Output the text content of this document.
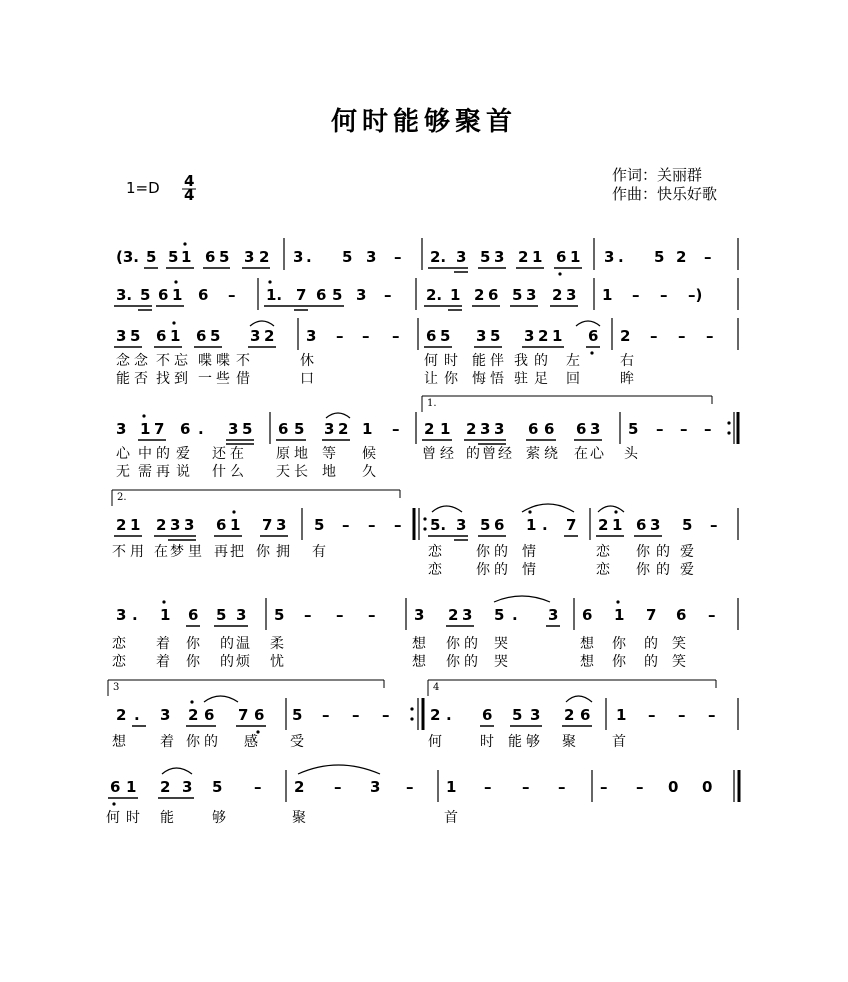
何时能够聚首
1=D 4
4
作词：关丽群
作曲：快乐好歌
(3. 5 5 1 6 5 3 2 3 . 5 3 – 2. 3 5 3 2 1 6 1 3 . 5 2 –
3. 5 6 1 6 – 1. 7 6 5 3 – 2. 1 2 6 5 3 2 3 1 – – –)
3 5 6 1 6 5 3 2 3 – – – 6 5 3 5 3 2 1 6 2 – – –
念 念 不 忘 喋 喋 不	休	何 时 能 伴 我 的 左	右
能 否 找 到 一 些 借	口	让 你 悔 悟 驻 足 回	眸
1.
3 1 7 6 . 3 5 6 5 3 2 1 – 2 1 2 3 3 6 6 6 3 5 – – –
心 中 的 爱 还 在 原 地 等 候	曾 经 的 曾 经 萦 绕 在 心 头
无 需 再 说 什 么 天 长 地 久
2.
2 1 2 3 3 6 1 7 3 5 – – – 5. 3 5 6 1 . 7 2 1 6 3 5 –
不 用 在 梦 里 再 把 你 拥 有	恋 你 的 情	恋 你 的 爱
恋 你 的 情	恋 你 的 爱
3 . 1 6 5 3 5 – – –	3 2 3 5 . 3 6 1 7 6 –
恋 着 你 的 温 柔	想 你 的 哭	想 你 的 笑
恋 着 你 的 烦 忧	想 你 的 哭	想 你 的 笑
3	4
2 . 3 2 6 7 6 5 – – –	2 . 6 5 3 2 6 1 – – –
想 着 你 的 感 受	何	时 能 够 聚	首
6 1 2 3 5 – 2 – 3 – 1 – – – – – 0 0
何 时 能	够	聚	首
